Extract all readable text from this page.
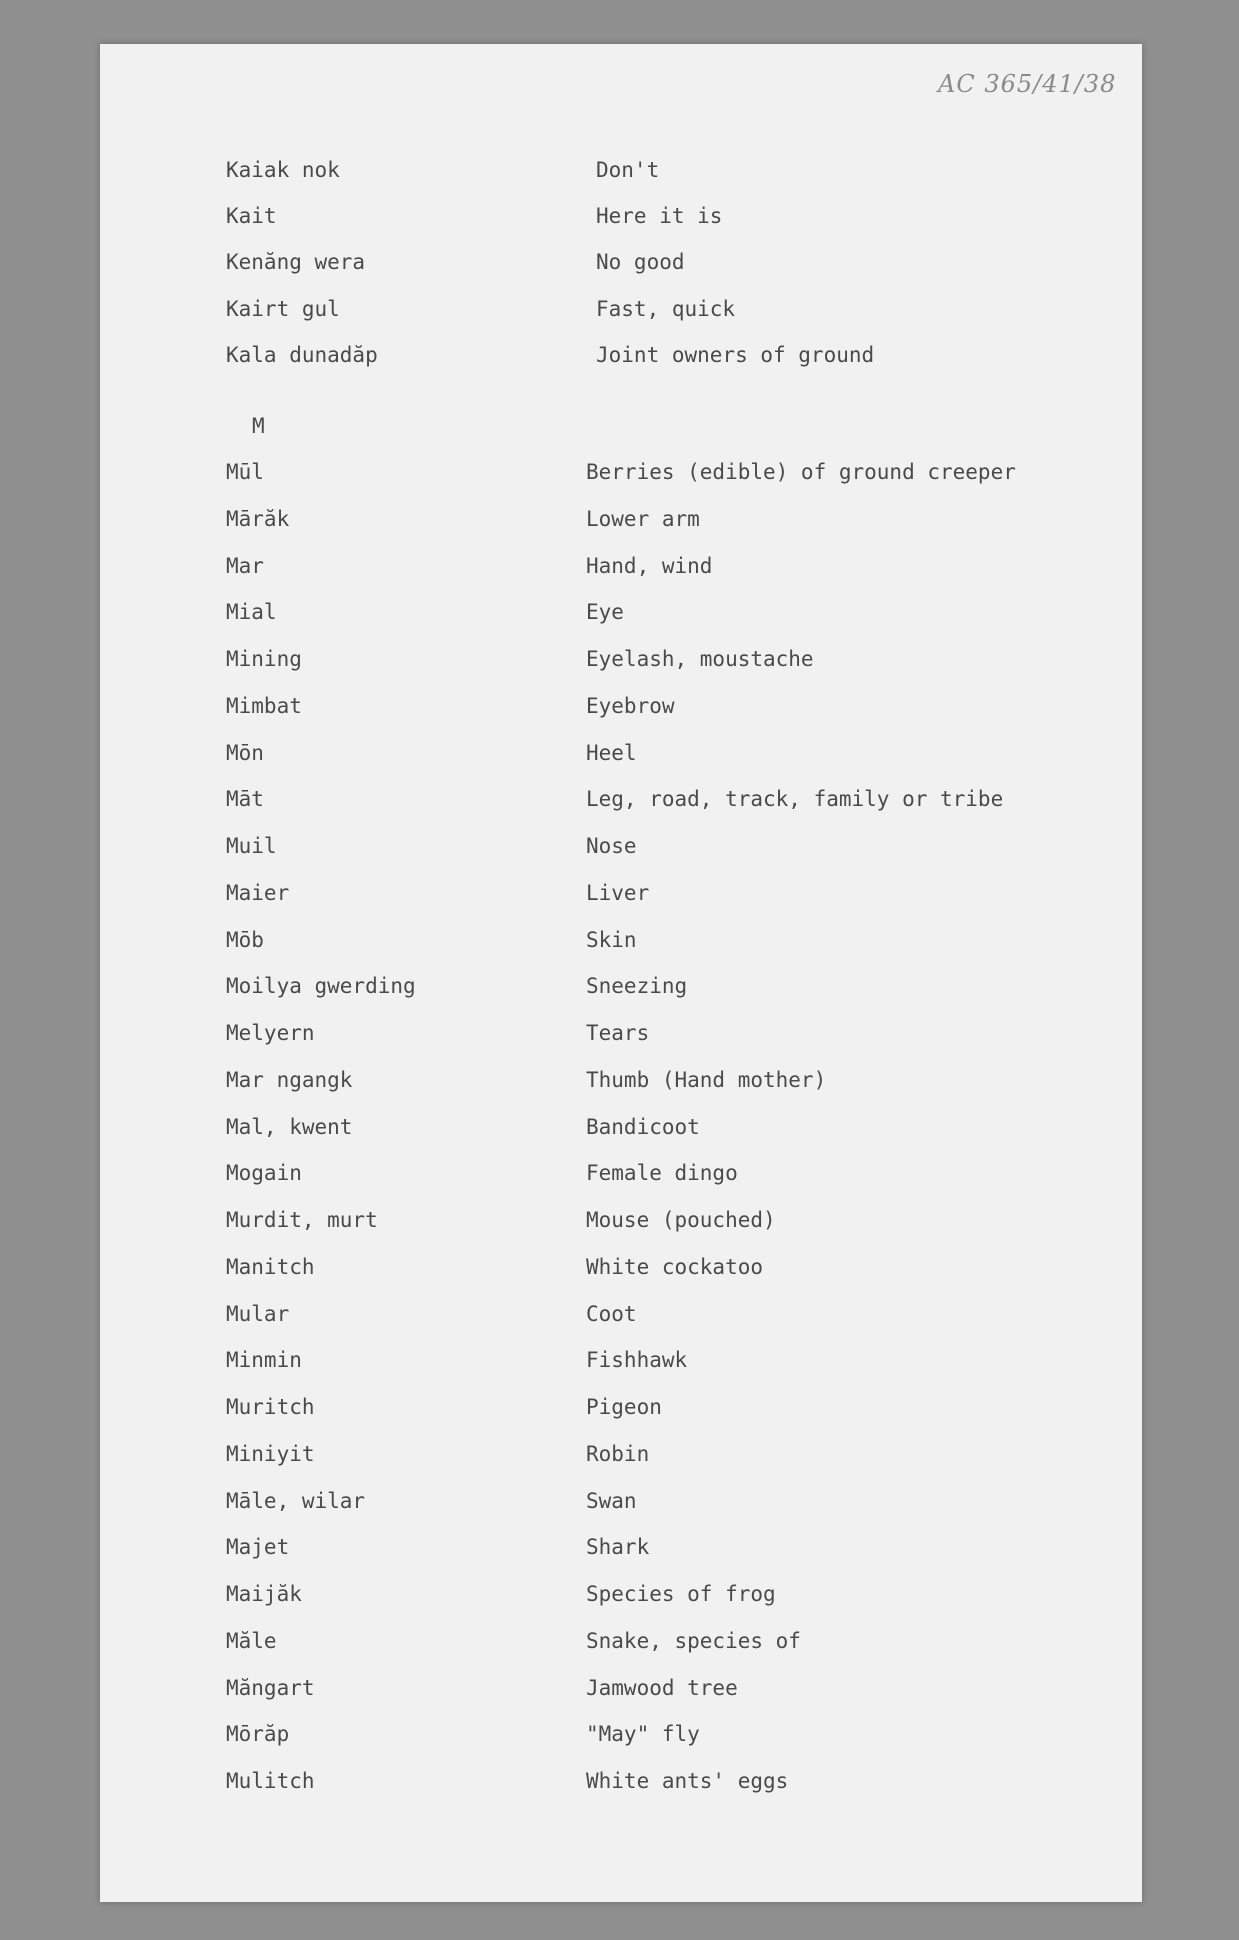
AC 365/41/38
Kaiak nok	Don't
Kait	Here it is
Kenăng wera	No good
Kairt gul	Fast, quick
Kala dunadăp	Joint owners of ground
M
Mūl	Berries (edible) of ground creeper
Mārăk	Lower arm
Mar	Hand, wind
Mial	Eye
Mining	Eyelash, moustache
Mimbat	Eyebrow
Mōn	Heel
Māt	Leg, road, track, family or tribe
Muil	Nose
Maier	Liver
Mōb	Skin
Moilya gwerding	Sneezing
Melyern	Tears
Mar ngangk	Thumb (Hand mother)
Mal, kwent	Bandicoot
Mogain	Female dingo
Murdit, murt	Mouse (pouched)
Manitch	White cockatoo
Mular	Coot
Minmin	Fishhawk
Muritch	Pigeon
Miniyit	Robin
Māle, wilar	Swan
Majet	Shark
Maijăk	Species of frog
Măle	Snake, species of
Măngart	Jamwood tree
Mōrăp	"May" fly
Mulitch	White ants' eggs
